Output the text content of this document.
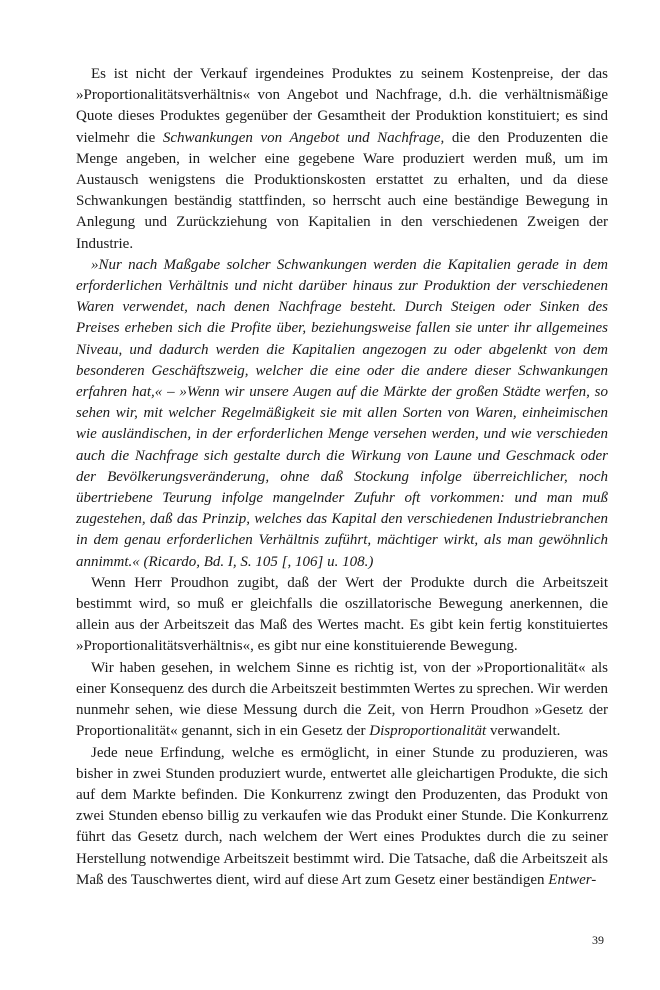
Es ist nicht der Verkauf irgendeines Produktes zu seinem Kostenpreise, der das »Proportionalitätsverhältnis« von Angebot und Nachfrage, d.h. die verhältnismäßige Quote dieses Produktes gegenüber der Gesamtheit der Produktion konstituiert; es sind vielmehr die Schwankungen von Angebot und Nachfrage, die den Produzenten die Menge angeben, in welcher eine gegebene Ware produziert werden muß, um im Austausch wenigstens die Produktionskosten erstattet zu erhalten, und da diese Schwankungen beständig stattfinden, so herrscht auch eine beständige Bewegung in Anlegung und Zurückziehung von Kapitalien in den verschiedenen Zweigen der Industrie.

»Nur nach Maßgabe solcher Schwankungen werden die Kapitalien gerade in dem erforderlichen Verhältnis und nicht darüber hinaus zur Produktion der verschiedenen Waren verwendet, nach denen Nachfrage besteht. Durch Steigen oder Sinken des Preises erheben sich die Profite über, beziehungsweise fallen sie unter ihr allgemeines Niveau, und dadurch werden die Kapitalien angezogen zu oder abgelenkt von dem besonderen Geschäftszweig, welcher die eine oder die andere dieser Schwankungen erfahren hat,« – »Wenn wir unsere Augen auf die Märkte der großen Städte werfen, so sehen wir, mit welcher Regelmäßigkeit sie mit allen Sorten von Waren, einheimischen wie ausländischen, in der erforderlichen Menge versehen werden, und wie verschieden auch die Nachfrage sich gestalte durch die Wirkung von Laune und Geschmack oder der Bevölkerungsveränderung, ohne daß Stockung infolge überreichlicher, noch übertriebene Teurung infolge mangelnder Zufuhr oft vorkommen: und man muß zugestehen, daß das Prinzip, welches das Kapital den verschiedenen Industriebranchen in dem genau erforderlichen Verhältnis zuführt, mächtiger wirkt, als man gewöhnlich annimmt.« (Ricardo, Bd. I, S. 105 [, 106] u. 108.)

Wenn Herr Proudhon zugibt, daß der Wert der Produkte durch die Arbeitszeit bestimmt wird, so muß er gleichfalls die oszillatorische Bewegung anerkennen, die allein aus der Arbeitszeit das Maß des Wertes macht. Es gibt kein fertig konstituiertes »Proportionalitätsverhältnis«, es gibt nur eine konstituierende Bewegung.

Wir haben gesehen, in welchem Sinne es richtig ist, von der »Proportionalität« als einer Konsequenz des durch die Arbeitszeit bestimmten Wertes zu sprechen. Wir werden nunmehr sehen, wie diese Messung durch die Zeit, von Herrn Proudhon »Gesetz der Proportionalität« genannt, sich in ein Gesetz der Disproportionalität verwandelt.

Jede neue Erfindung, welche es ermöglicht, in einer Stunde zu produzieren, was bisher in zwei Stunden produziert wurde, entwertet alle gleichartigen Produkte, die sich auf dem Markte befinden. Die Konkurrenz zwingt den Produzenten, das Produkt von zwei Stunden ebenso billig zu verkaufen wie das Produkt einer Stunde. Die Konkurrenz führt das Gesetz durch, nach welchem der Wert eines Produktes durch die zu seiner Herstellung notwendige Arbeitszeit bestimmt wird. Die Tatsache, daß die Arbeitszeit als Maß des Tauschwertes dient, wird auf diese Art zum Gesetz einer beständigen Entwer-

39
